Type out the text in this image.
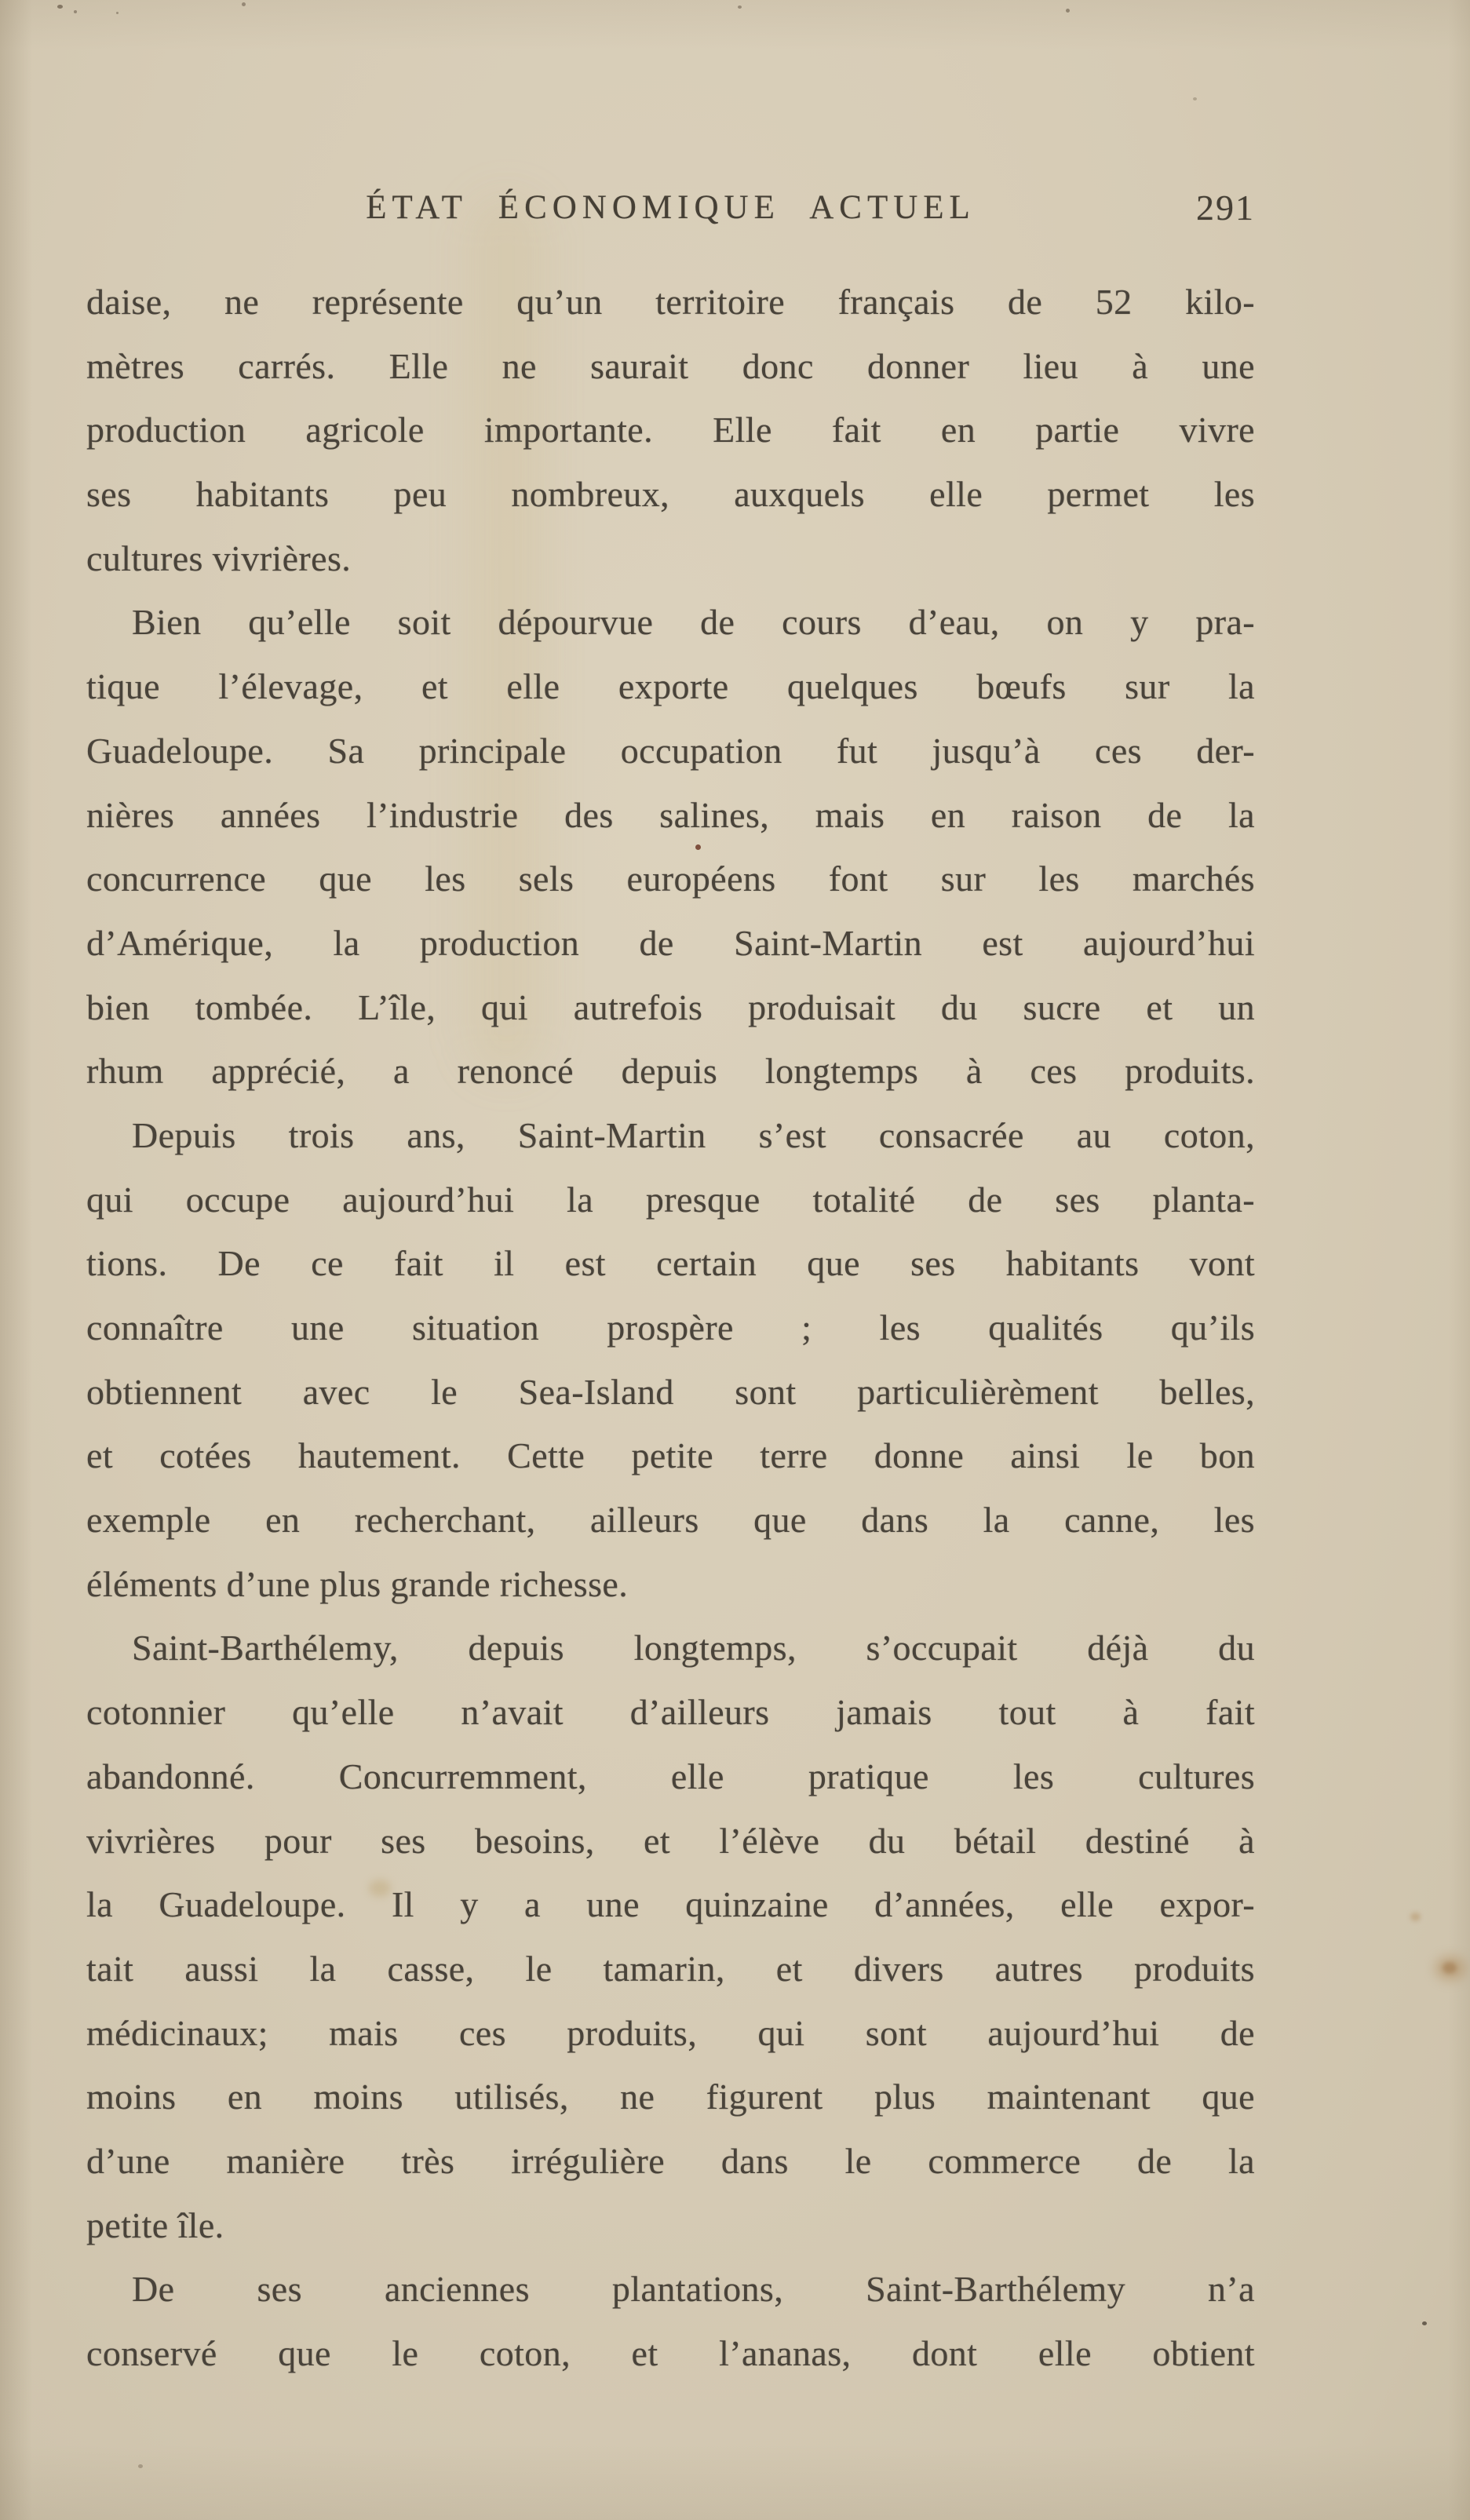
ÉTAT ÉCONOMIQUE ACTUEL	291
daise, ne représente qu’un territoire français de 52 kilo-
mètres carrés. Elle ne saurait donc donner lieu à une
production agricole importante. Elle fait en partie vivre
ses habitants peu nombreux, auxquels elle permet les
cultures vivrières.
Bien qu’elle soit dépourvue de cours d’eau, on y pra-
tique l’élevage, et elle exporte quelques bœufs sur la
Guadeloupe. Sa principale occupation fut jusqu’à ces der-
nières années l’industrie des salines, mais en raison de la
concurrence que les sels européens font sur les marchés
d’Amérique, la production de Saint-Martin est aujourd’hui
bien tombée. L’île, qui autrefois produisait du sucre et un
rhum apprécié, a renoncé depuis longtemps à ces produits.
Depuis trois ans, Saint-Martin s’est consacrée au coton,
qui occupe aujourd’hui la presque totalité de ses planta-
tions. De ce fait il est certain que ses habitants vont
connaître une situation prospère ; les qualités qu’ils
obtiennent avec le Sea-Island sont particulièrèment belles,
et cotées hautement. Cette petite terre donne ainsi le bon
exemple en recherchant, ailleurs que dans la canne, les
éléments d’une plus grande richesse.
Saint-Barthélemy, depuis longtemps, s’occupait déjà du
cotonnier qu’elle n’avait d’ailleurs jamais tout à fait
abandonné. Concurremment, elle pratique les cultures
vivrières pour ses besoins, et l’élève du bétail destiné à
la Guadeloupe. Il y a une quinzaine d’années, elle expor-
tait aussi la casse, le tamarin, et divers autres produits
médicinaux; mais ces produits, qui sont aujourd’hui de
moins en moins utilisés, ne figurent plus maintenant que
d’une manière très irrégulière dans le commerce de la
petite île.
De ses anciennes plantations, Saint-Barthélemy n’a
conservé que le coton, et l’ananas, dont elle obtient
